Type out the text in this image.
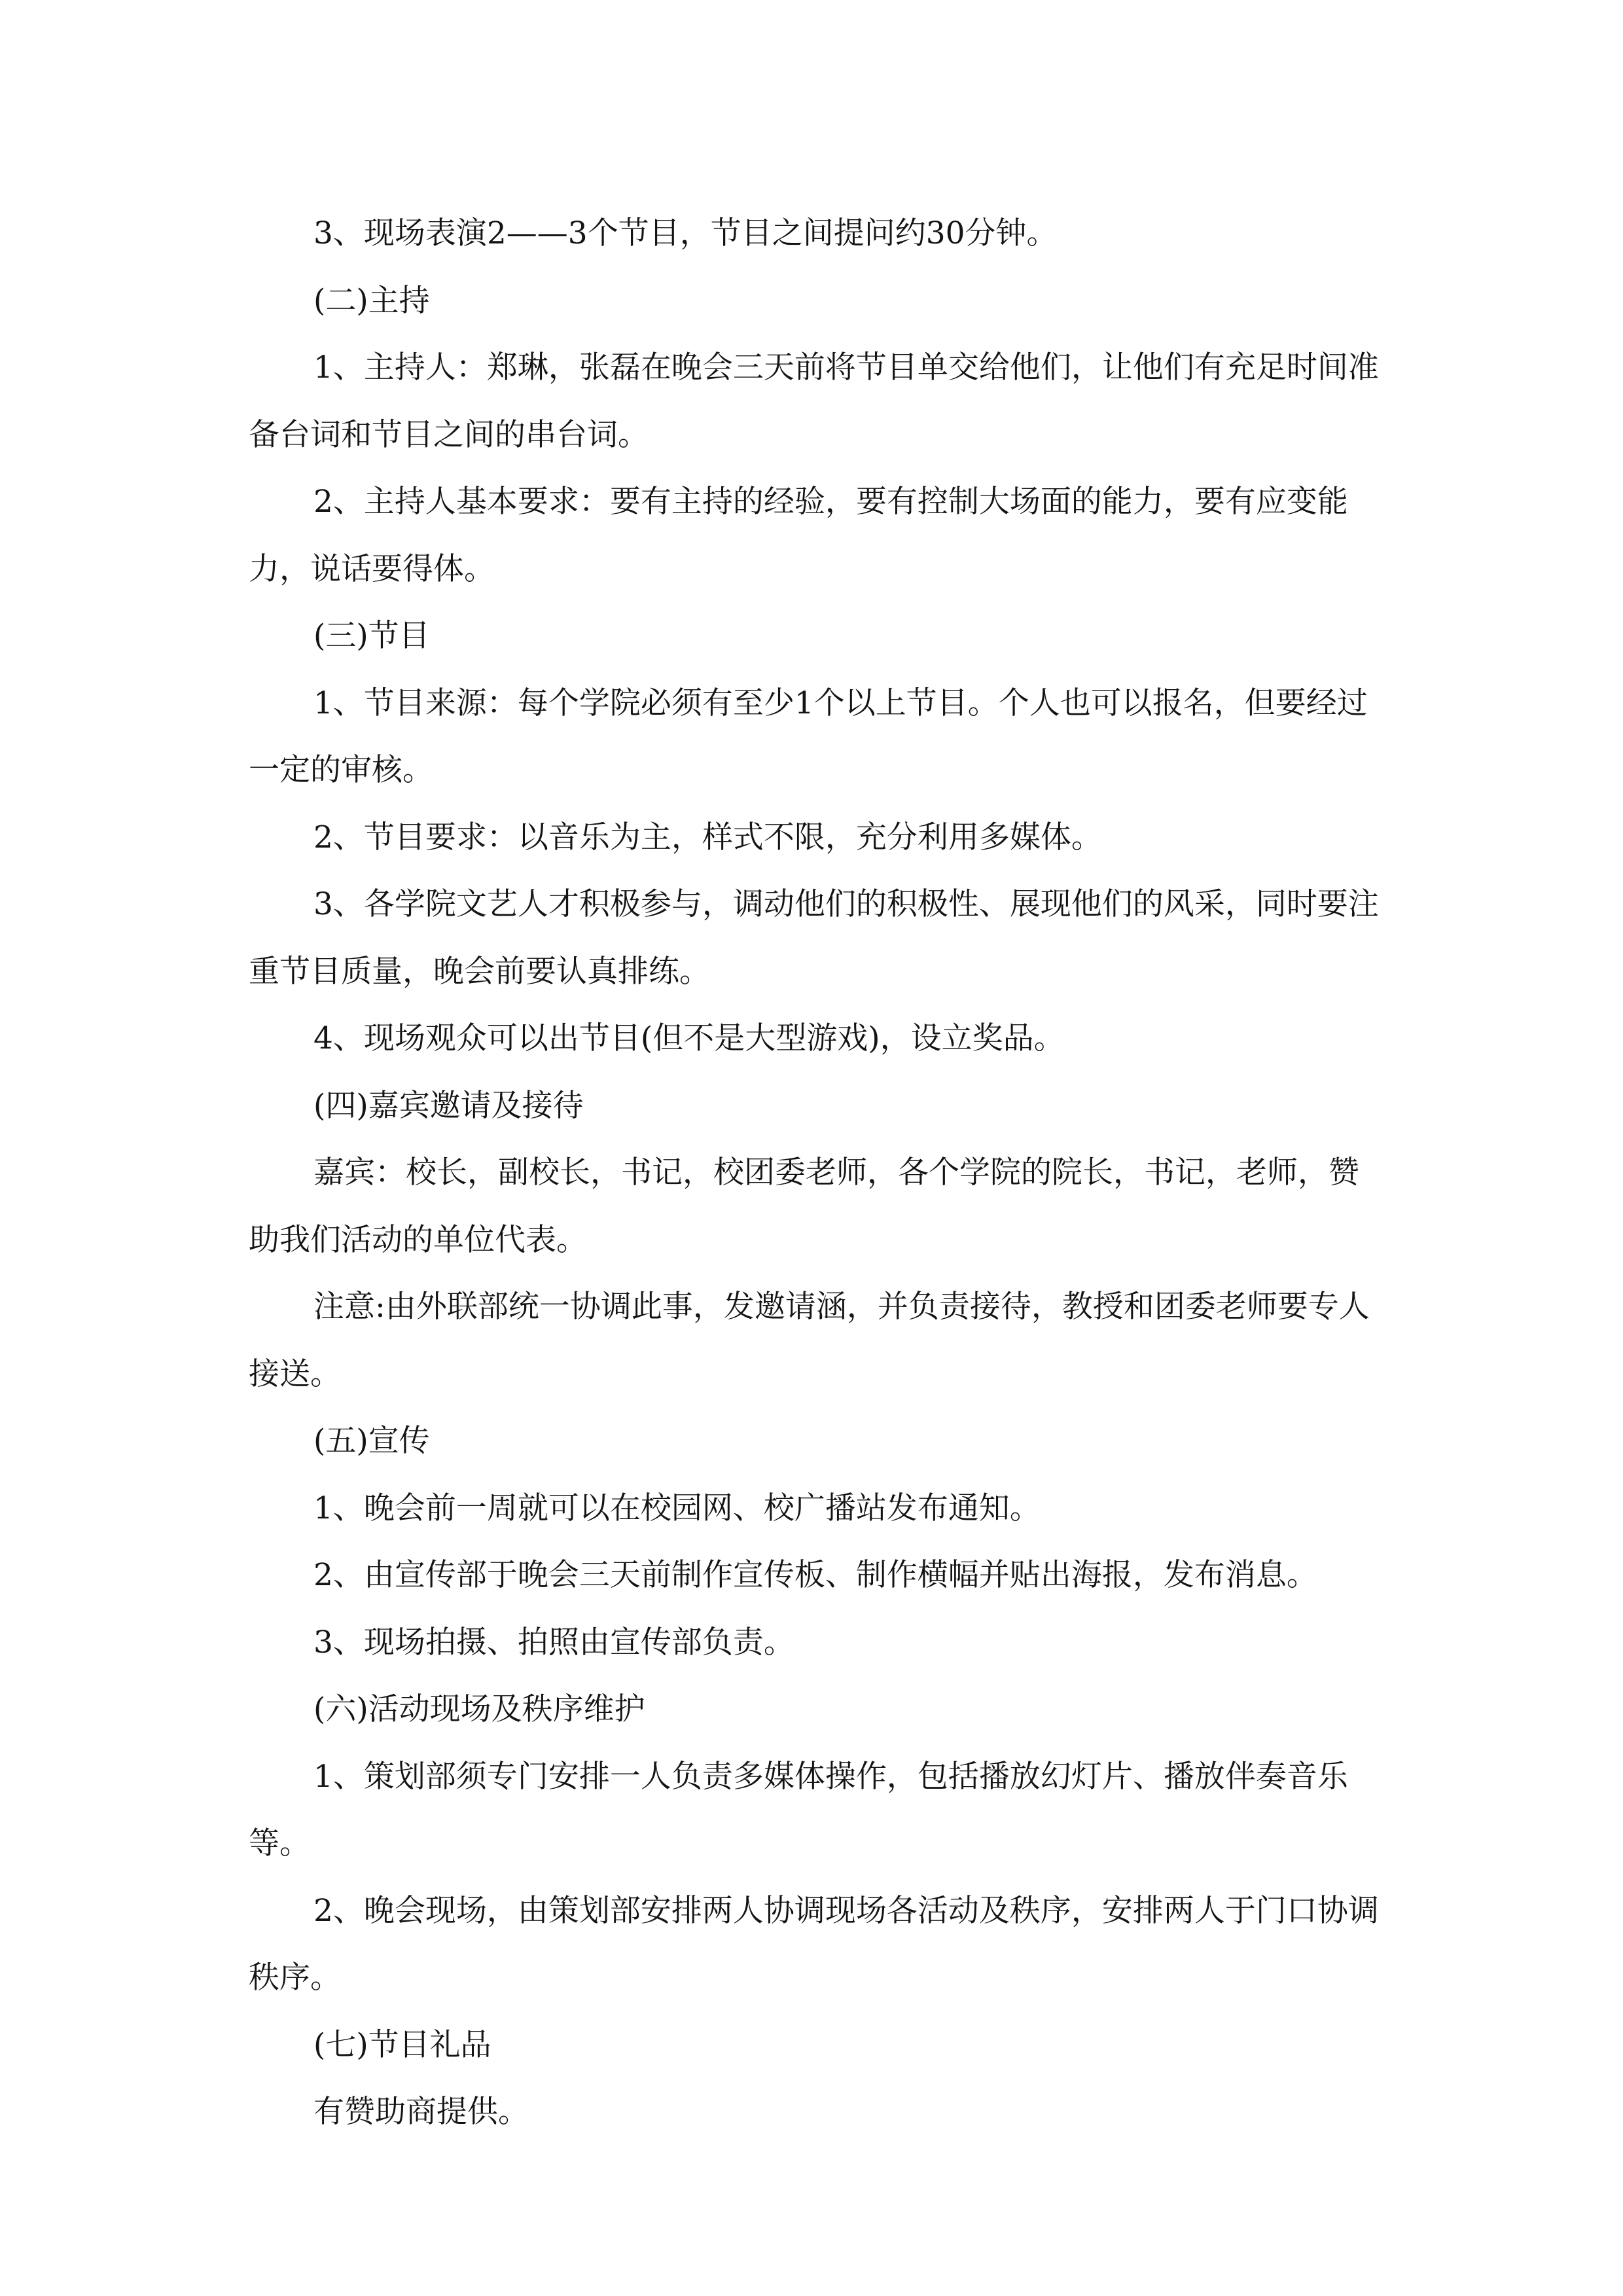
3、现场表演2——3个节目，节目之间提问约30分钟。

(二)主持

1、主持人：郑琳，张磊在晚会三天前将节目单交给他们，让他们有充足时间准备台词和节目之间的串台词。

2、主持人基本要求：要有主持的经验，要有控制大场面的能力，要有应变能力，说话要得体。

(三)节目

1、节目来源：每个学院必须有至少1个以上节目。个人也可以报名，但要经过一定的审核。

2、节目要求：以音乐为主，样式不限，充分利用多媒体。

3、各学院文艺人才积极参与，调动他们的积极性、展现他们的风采，同时要注重节目质量，晚会前要认真排练。

4、现场观众可以出节目(但不是大型游戏)，设立奖品。

(四)嘉宾邀请及接待

嘉宾：校长，副校长，书记，校团委老师，各个学院的院长，书记，老师，赞助我们活动的单位代表。

注意:由外联部统一协调此事，发邀请涵，并负责接待，教授和团委老师要专人接送。

(五)宣传

1、晚会前一周就可以在校园网、校广播站发布通知。

2、由宣传部于晚会三天前制作宣传板、制作横幅并贴出海报，发布消息。

3、现场拍摄、拍照由宣传部负责。

(六)活动现场及秩序维护

1、策划部须专门安排一人负责多媒体操作，包括播放幻灯片、播放伴奏音乐等。

2、晚会现场，由策划部安排两人协调现场各活动及秩序，安排两人于门口协调秩序。

(七)节目礼品

有赞助商提供。
